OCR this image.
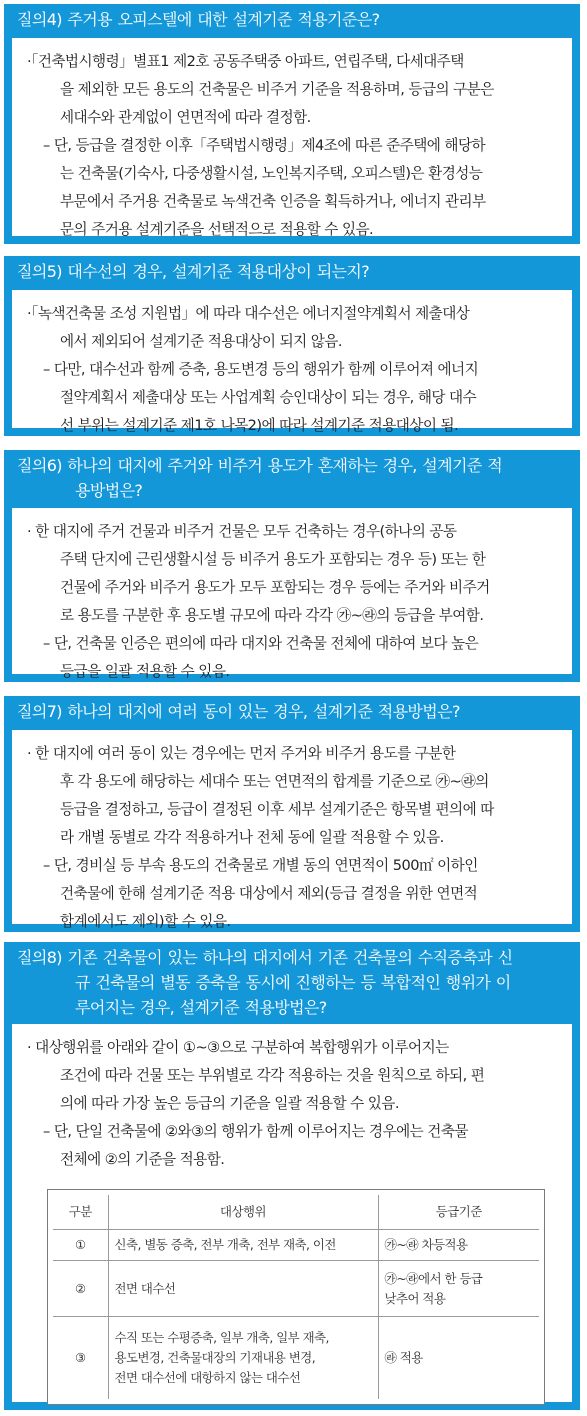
질의4) 주거용 오피스텔에 대한 설계기준 적용기준은?
·「건축법시행령」별표1 제2호 공동주택중 아파트, 연립주택, 다세대주택
을 제외한 모든 용도의 건축물은 비주거 기준을 적용하며, 등급의 구분은
세대수와 관계없이 연면적에 따라 결정함.
– 단, 등급을 결정한 이후「주택법시행령」제4조에 따른 준주택에 해당하
는 건축물(기숙사, 다중생활시설, 노인복지주택, 오피스텔)은 환경성능
부문에서 주거용 건축물로 녹색건축 인증을 획득하거나, 에너지 관리부
문의 주거용 설계기준을 선택적으로 적용할 수 있음.
질의5) 대수선의 경우, 설계기준 적용대상이 되는지?
·「녹색건축물 조성 지원법」에 따라 대수선은 에너지절약계획서 제출대상
에서 제외되어 설계기준 적용대상이 되지 않음.
– 다만, 대수선과 함께 증축, 용도변경 등의 행위가 함께 이루어져 에너지
절약계획서 제출대상 또는 사업계획 승인대상이 되는 경우, 해당 대수
선 부위는 설계기준 제1호 나목2)에 따라 설계기준 적용대상이 됨.
질의6) 하나의 대지에 주거와 비주거 용도가 혼재하는 경우, 설계기준 적
용방법은?
· 한 대지에 주거 건물과 비주거 건물은 모두 건축하는 경우(하나의 공동
주택 단지에 근린생활시설 등 비주거 용도가 포함되는 경우 등) 또는 한
건물에 주거와 비주거 용도가 모두 포함되는 경우 등에는 주거와 비주거
로 용도를 구분한 후 용도별 규모에 따라 각각 ㉮~㉱의 등급을 부여함.
– 단, 건축물 인증은 편의에 따라 대지와 건축물 전체에 대하여 보다 높은
등급을 일괄 적용할 수 있음.
질의7) 하나의 대지에 여러 동이 있는 경우, 설계기준 적용방법은?
· 한 대지에 여러 동이 있는 경우에는 먼저 주거와 비주거 용도를 구분한
후 각 용도에 해당하는 세대수 또는 연면적의 합계를 기준으로 ㉮~㉱의
등급을 결정하고, 등급이 결정된 이후 세부 설계기준은 항목별 편의에 따
라 개별 동별로 각각 적용하거나 전체 동에 일괄 적용할 수 있음.
– 단, 경비실 등 부속 용도의 건축물로 개별 동의 연면적이 500㎡ 이하인
건축물에 한해 설계기준 적용 대상에서 제외(등급 결정을 위한 연면적
합계에서도 제외)할 수 있음.
질의8) 기존 건축물이 있는 하나의 대지에서 기존 건축물의 수직증축과 신
규 건축물의 별동 증축을 동시에 진행하는 등 복합적인 행위가 이
루어지는 경우, 설계기준 적용방법은?
· 대상행위를 아래와 같이 ①~③으로 구분하여 복합행위가 이루어지는
조건에 따라 건물 또는 부위별로 각각 적용하는 것을 원칙으로 하되, 편
의에 따라 가장 높은 등급의 기준을 일괄 적용할 수 있음.
– 단, 단일 건축물에 ②와③의 행위가 함께 이루어지는 경우에는 건축물
전체에 ②의 기준을 적용함.
구분	대상행위	등급기준
①	신축, 별동 증축, 전부 개축, 전부 재축, 이전	㉮~㉱ 차등적용
②	전면 대수선	㉮~㉱에서 한 등급
낮추어 적용
③	수직 또는 수평증축, 일부 개축, 일부 재축,
용도변경, 건축물대장의 기재내용 변경,
전면 대수선에 대항하지 않는 대수선	㉱ 적용
